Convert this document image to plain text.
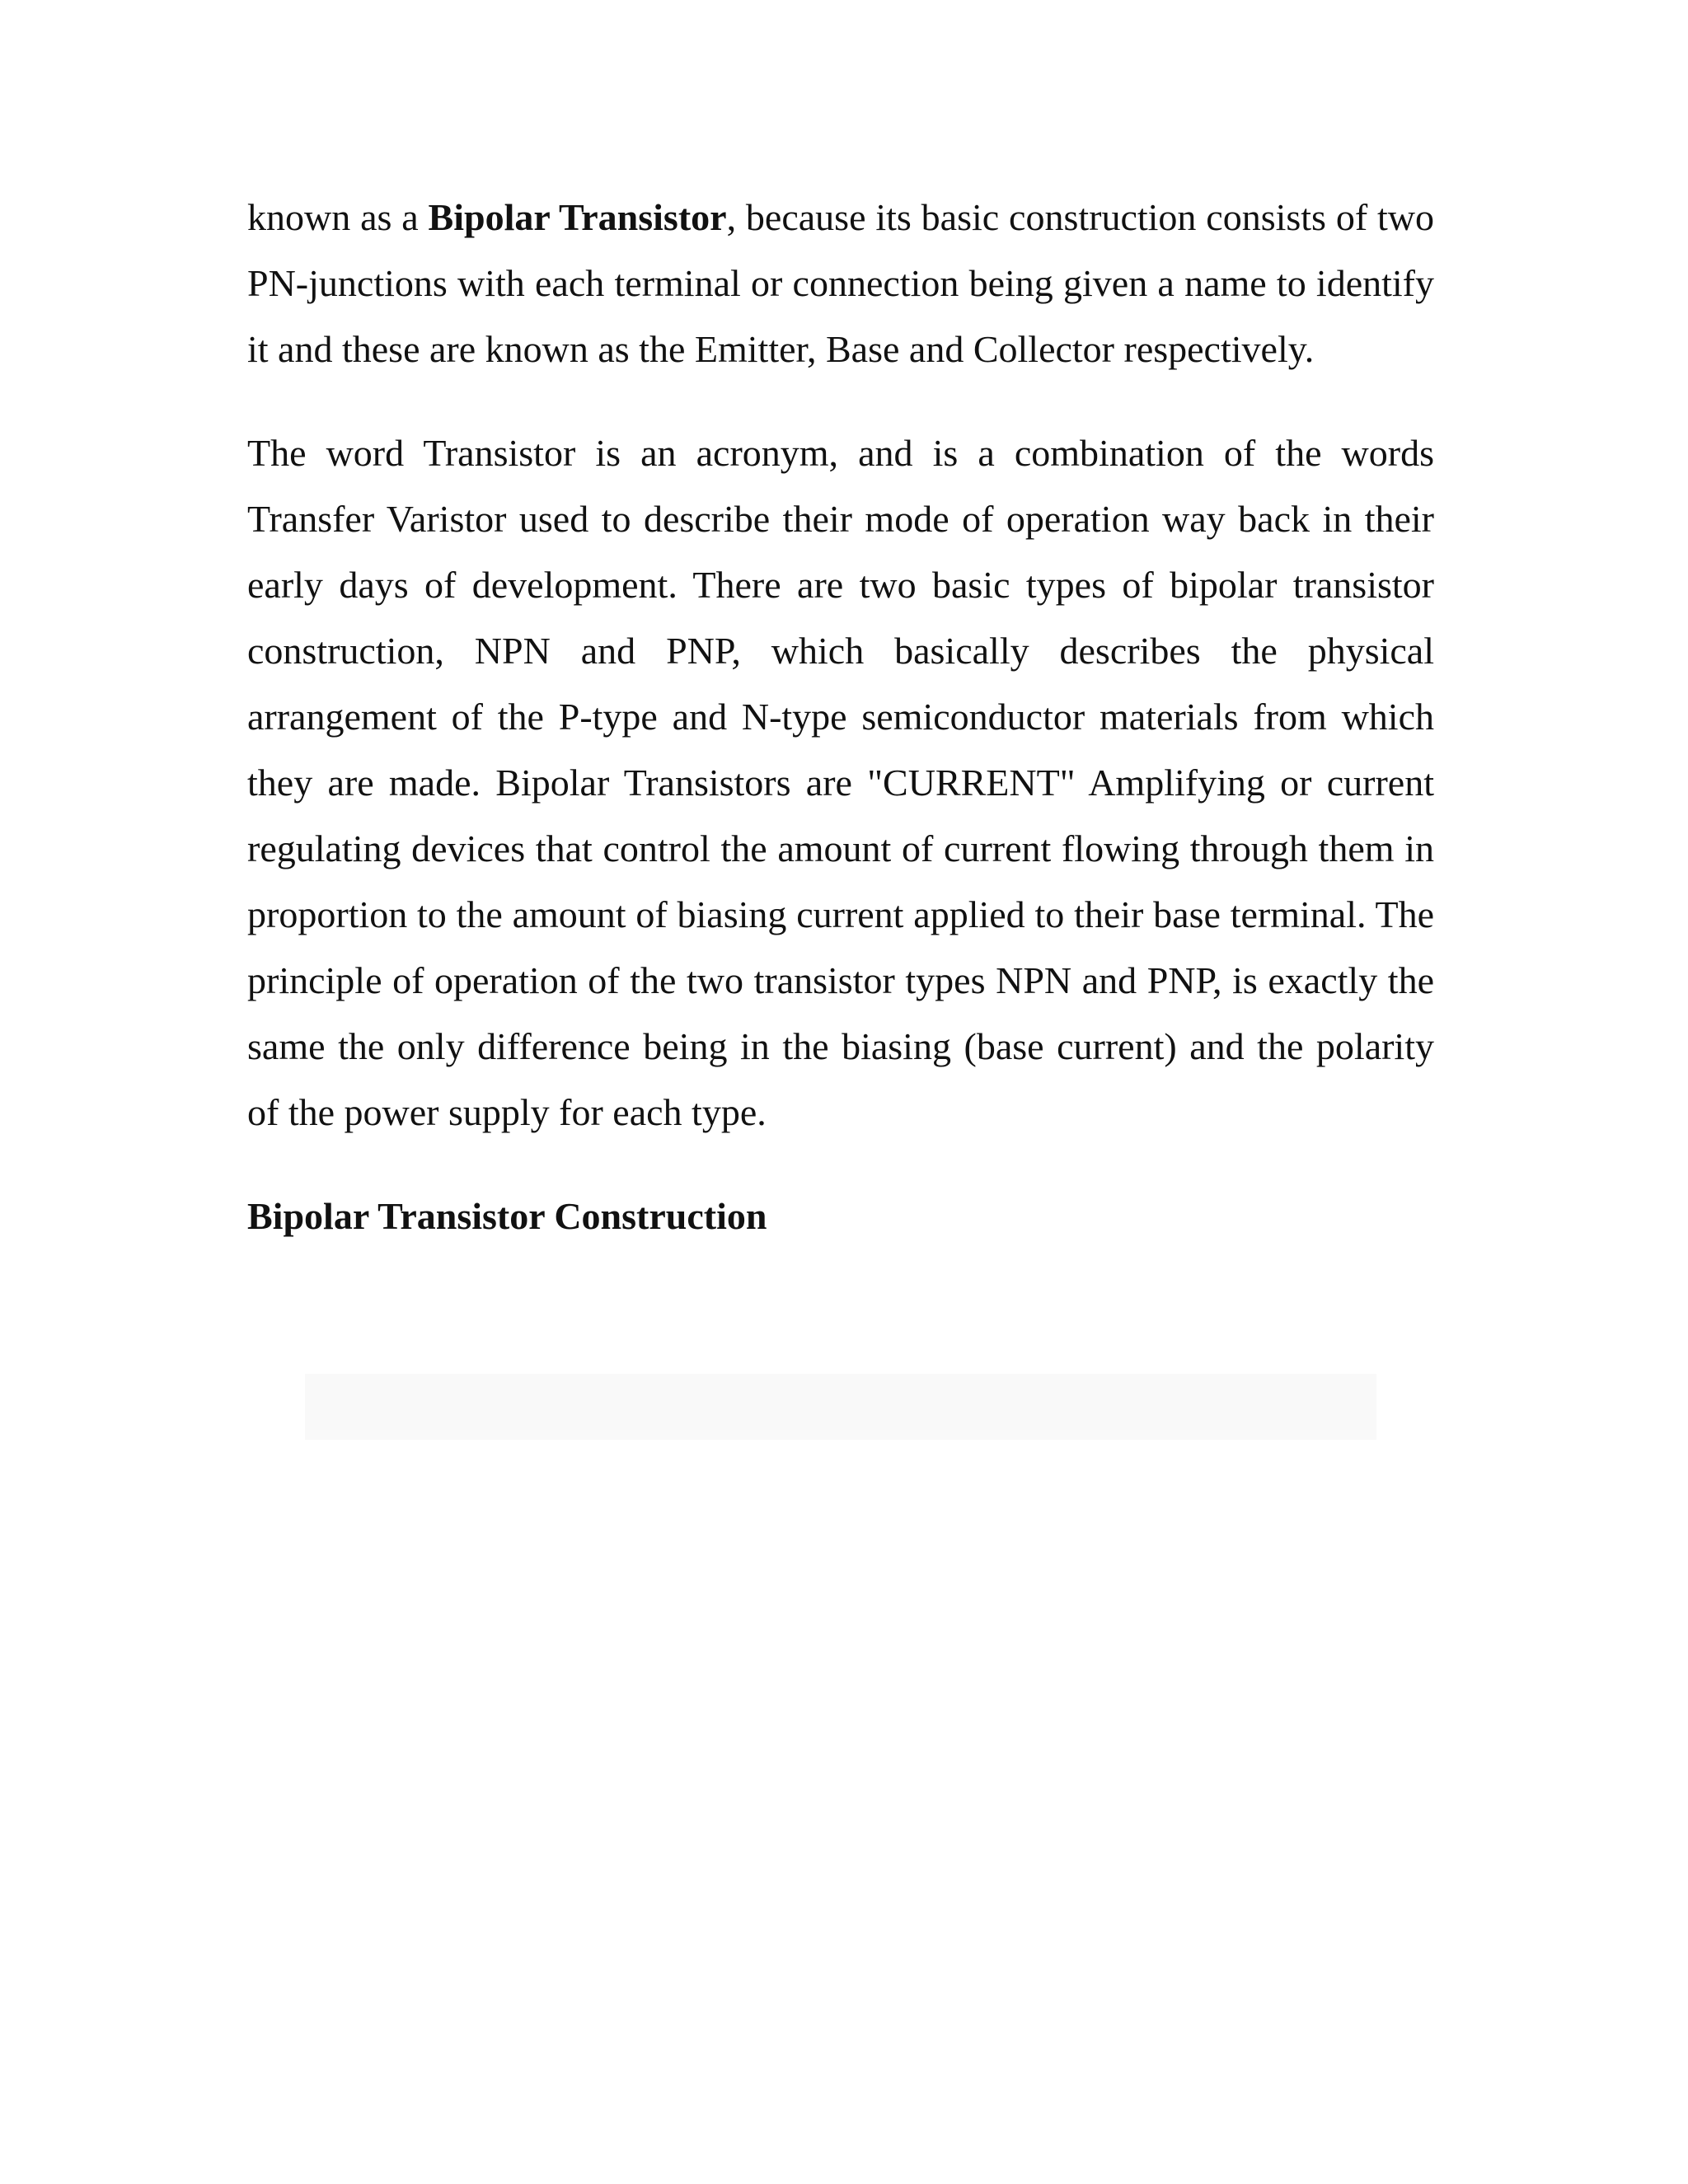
known as a Bipolar Transistor, because its basic construction consists of two PN-junctions with each terminal or connection being given a name to identify it and these are known as the Emitter, Base and Collector respectively.

The word Transistor is an acronym, and is a combination of the words Transfer Varistor used to describe their mode of operation way back in their early days of development. There are two basic types of bipolar transistor construction, NPN and PNP, which basically describes the physical arrangement of the P-type and N-type semiconductor materials from which they are made. Bipolar Transistors are "CURRENT" Amplifying or current regulating devices that control the amount of current flowing through them in proportion to the amount of biasing current applied to their base terminal. The principle of operation of the two transistor types NPN and PNP, is exactly the same the only difference being in the biasing (base current) and the polarity of the power supply for each type.

Bipolar Transistor Construction
